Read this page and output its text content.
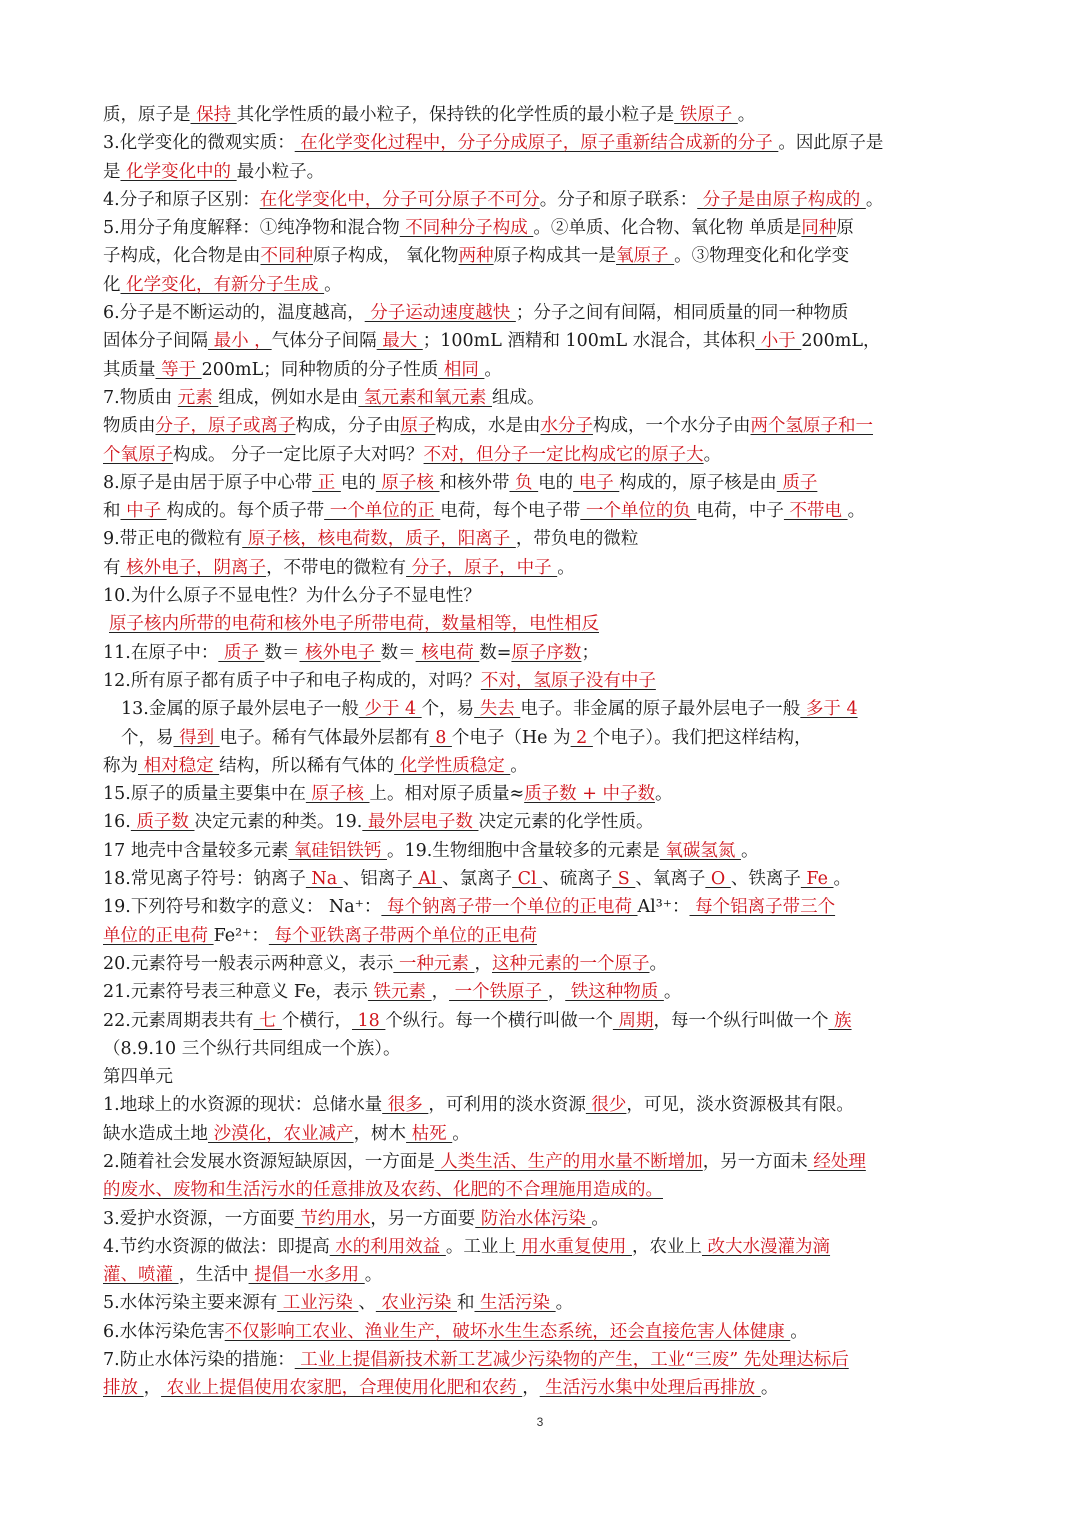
质，原子是 保持 其化学性质的最小粒子，保持铁的化学性质的最小粒子是 铁原子 。
3.化学变化的微观实质： 在化学变化过程中，分子分成原子，原子重新结合成新的分子 。因此原子是
是 化学变化中的 最小粒子。
4.分子和原子区别：在化学变化中，分子可分原子不可分。分子和原子联系： 分子是由原子构成的 。
5.用分子角度解释：①纯净物和混合物 不同种分子构成 。②单质、化合物、氧化物 单质是同种原
子构成，化合物是由不同种原子构成， 氧化物两种原子构成其一是氧原子 。③物理变化和化学变
化 化学变化，有新分子生成 。
6.分子是不断运动的，温度越高， 分子运动速度越快 ；分子之间有间隔，相同质量的同一种物质
固体分子间隔 最小 ，气体分子间隔 最大 ；100mL 酒精和 100mL 水混合，其体积 小于 200mL，
其质量 等于 200mL；同种物质的分子性质 相同 。
7.物质由 元素 组成，例如水是由 氢元素和氧元素 组成。
物质由分子，原子或离子构成，分子由原子构成，水是由水分子构成，一个水分子由两个氢原子和一
个氧原子构成。 分子一定比原子大对吗？不对，但分子一定比构成它的原子大。
8.原子是由居于原子中心带 正 电的 原子核 和核外带 负 电的 电子 构成的，原子核是由 质子
和 中子 构成的。每个质子带 一个单位的正 电荷，每个电子带 一个单位的负 电荷，中子 不带电 。
9.带正电的微粒有 原子核，核电荷数，质子，阳离子 ，带负电的微粒
有 核外电子，阴离子，不带电的微粒有 分子，原子，中子 。
10.为什么原子不显电性？为什么分子不显电性？
原子核内所带的电荷和核外电子所带电荷，数量相等，电性相反
11.在原子中： 质子 数＝ 核外电子 数＝ 核电荷 数=原子序数；
12.所有原子都有质子中子和电子构成的，对吗？不对，氢原子没有中子
13.金属的原子最外层电子一般 少于 4 个，易 失去 电子。非金属的原子最外层电子一般 多于 4
个，易 得到 电子。稀有气体最外层都有 8 个电子（He 为 2 个电子）。我们把这样结构，
称为 相对稳定 结构，所以稀有气体的 化学性质稳定 。
15.原子的质量主要集中在 原子核 上。相对原子质量≈质子数 + 中子数。
16. 质子数 决定元素的种类。19. 最外层电子数 决定元素的化学性质。
17 地壳中含量较多元素 氧硅铝铁钙 。19.生物细胞中含量较多的元素是 氧碳氢氮 。
18.常见离子符号：钠离子 Na 、铝离子 Al 、氯离子 Cl 、硫离子 S 、氧离子 O 、铁离子 Fe 。
19.下列符号和数字的意义： Na⁺： 每个钠离子带一个单位的正电荷 Al³⁺： 每个铝离子带三个
单位的正电荷 Fe²⁺： 每个亚铁离子带两个单位的正电荷
20.元素符号一般表示两种意义，表示 一种元素 ，这种元素的一个原子。
21.元素符号表三种意义 Fe，表示 铁元素 ， 一个铁原子 ， 铁这种物质 。
22.元素周期表共有 七 个横行， 18 个纵行。每一个横行叫做一个 周期，每一个纵行叫做一个 族
（8.9.10 三个纵行共同组成一个族）。
第四单元
1.地球上的水资源的现状：总储水量 很多 ，可利用的淡水资源 很少，可见，淡水资源极其有限。
缺水造成土地 沙漠化，农业减产，树木 枯死 。
2.随着社会发展水资源短缺原因，一方面是 人类生活、生产的用水量不断增加，另一方面未 经处理
的废水、废物和生活污水的任意排放及农药、化肥的不合理施用造成的。
3.爱护水资源，一方面要 节约用水，另一方面要 防治水体污染 。
4.节约水资源的做法：即提高 水的利用效益 。工业上 用水重复使用 ，农业上 改大水漫灌为滴
灌、喷灌 ，生活中 提倡一水多用 。
5.水体污染主要来源有 工业污染 、 农业污染 和 生活污染 。
6.水体污染危害不仅影响工农业、渔业生产，破坏水生生态系统，还会直接危害人体健康 。
7.防止水体污染的措施： 工业上提倡新技术新工艺减少污染物的产生，工业“三废” 先处理达标后
排放 ， 农业上提倡使用农家肥，合理使用化肥和农药 ， 生活污水集中处理后再排放 。
3
